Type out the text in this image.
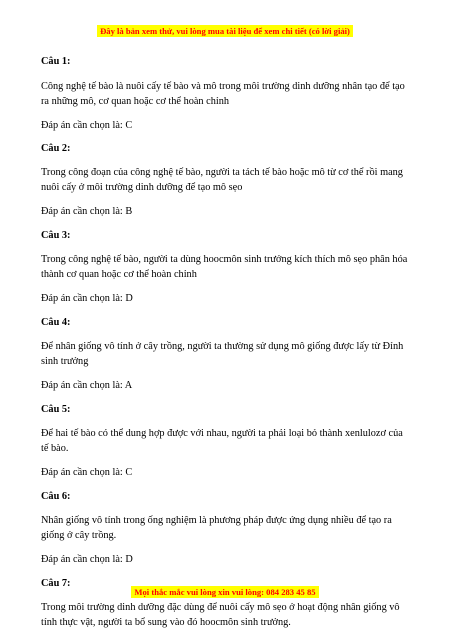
Đây là bản xem thử, vui lòng mua tài liệu để xem chi tiết (có lời giải)

Câu 1:

Công nghệ tế bào là nuôi cấy tế bào và mô trong môi trường dinh dưỡng nhân tạo để tạo ra những mô, cơ quan hoặc cơ thể hoàn chỉnh

Đáp án cần chọn là: C

Câu 2:

Trong công đoạn của công nghệ tế bào, người ta tách tế bào hoặc mô từ cơ thể rồi mang nuôi cấy ở môi trường dinh dưỡng để tạo mô sẹo

Đáp án cần chọn là: B

Câu 3:

Trong công nghệ tế bào, người ta dùng hoocmôn sinh trưởng kích thích mô sẹo phân hóa thành cơ quan hoặc cơ thể hoàn chỉnh

Đáp án cần chọn là: D

Câu 4:

Để nhân giống vô tính ở cây trồng, người ta thường sử dụng mô giống được lấy từ Đỉnh sinh trưởng

Đáp án cần chọn là: A

Câu 5:

Để hai tế bào có thể dung hợp được với nhau, người ta phải loại bỏ thành xenlulozơ của tế bào.

Đáp án cần chọn là: C

Câu 6:

Nhân giống vô tính trong ống nghiệm là phương pháp được ứng dụng nhiều để tạo ra giống ở cây trồng.

Đáp án cần chọn là: D

Câu 7:

Trong môi trường dinh dưỡng đặc dùng để nuôi cấy mô sẹo ở hoạt động nhân giống vô tính thực vật, người ta bổ sung vào đó hoocmôn sinh trưởng.

Mọi thắc mắc vui lòng xin vui lòng: 084 283 45 85
